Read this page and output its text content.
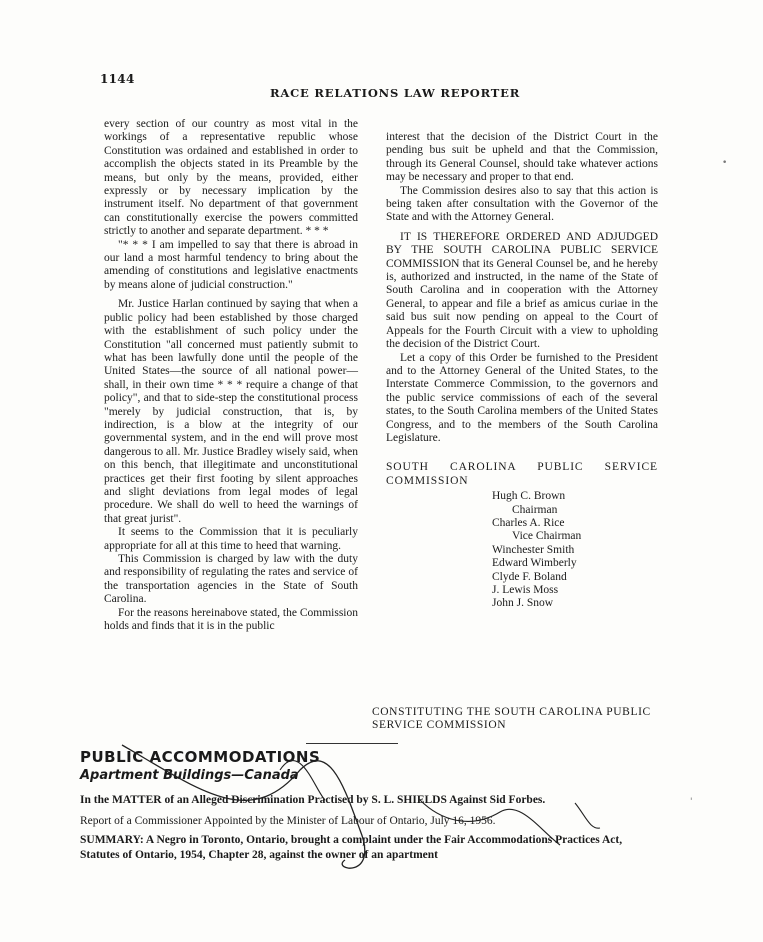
1144
RACE RELATIONS LAW REPORTER

every section of our country as most vital in the workings of a representative republic whose Constitution was ordained and established in order to accomplish the objects stated in its Preamble by the means, but only by the means, provided, either expressly or by necessary implication by the instrument itself. No department of that government can constitutionally exercise the powers committed strictly to another and separate department. * * *

"* * * I am impelled to say that there is abroad in our land a most harmful tendency to bring about the amending of constitutions and legislative enactments by means alone of judicial construction."

Mr. Justice Harlan continued by saying that when a public policy had been established by those charged with the establishment of such policy under the Constitution "all concerned must patiently submit to what has been lawfully done until the people of the United States—the source of all national power—shall, in their own time * * * require a change of that policy", and that to side-step the constitutional process "merely by judicial construction, that is, by indirection, is a blow at the integrity of our governmental system, and in the end will prove most dangerous to all. Mr. Justice Bradley wisely said, when on this bench, that illegitimate and unconstitutional practices get their first footing by silent approaches and slight deviations from legal modes of legal procedure. We shall do well to heed the warnings of that great jurist".

It seems to the Commission that it is peculiarly appropriate for all at this time to heed that warning.

This Commission is charged by law with the duty and responsibility of regulating the rates and service of the transportation agencies in the State of South Carolina.

For the reasons hereinabove stated, the Commission holds and finds that it is in the public

interest that the decision of the District Court in the pending bus suit be upheld and that the Commission, through its General Counsel, should take whatever actions may be necessary and proper to that end.

The Commission desires also to say that this action is being taken after consultation with the Governor of the State and with the Attorney General.

IT IS THEREFORE ORDERED AND ADJUDGED BY THE SOUTH CAROLINA PUBLIC SERVICE COMMISSION that its General Counsel be, and he hereby is, authorized and instructed, in the name of the State of South Carolina and in cooperation with the Attorney General, to appear and file a brief as amicus curiae in the said bus suit now pending on appeal to the Court of Appeals for the Fourth Circuit with a view to upholding the decision of the District Court.

Let a copy of this Order be furnished to the President and to the Attorney General of the United States, to the Interstate Commerce Commission, to the governors and the public service commissions of each of the several states, to the South Carolina members of the United States Congress, and to the members of the South Carolina Legislature.

SOUTH CAROLINA PUBLIC SERVICE COMMISSION

Hugh C. Brown
Chairman
Charles A. Rice
Vice Chairman
Winchester Smith
Edward Wimberly
Clyde F. Boland
J. Lewis Moss
John J. Snow
CONSTITUTING THE SOUTH CAROLINA PUBLIC SERVICE COMMISSION
PUBLIC ACCOMMODATIONS
Apartment Buildings—Canada

In the MATTER of an Alleged Discrimination Practised by S. L. SHIELDS Against Sid Forbes.

Report of a Commissioner Appointed by the Minister of Labour of Ontario, July 16, 1956.

SUMMARY: A Negro in Toronto, Ontario, brought a complaint under the Fair Accommodations Practices Act, Statutes of Ontario, 1954, Chapter 28, against the owner of an apartment

•
'
